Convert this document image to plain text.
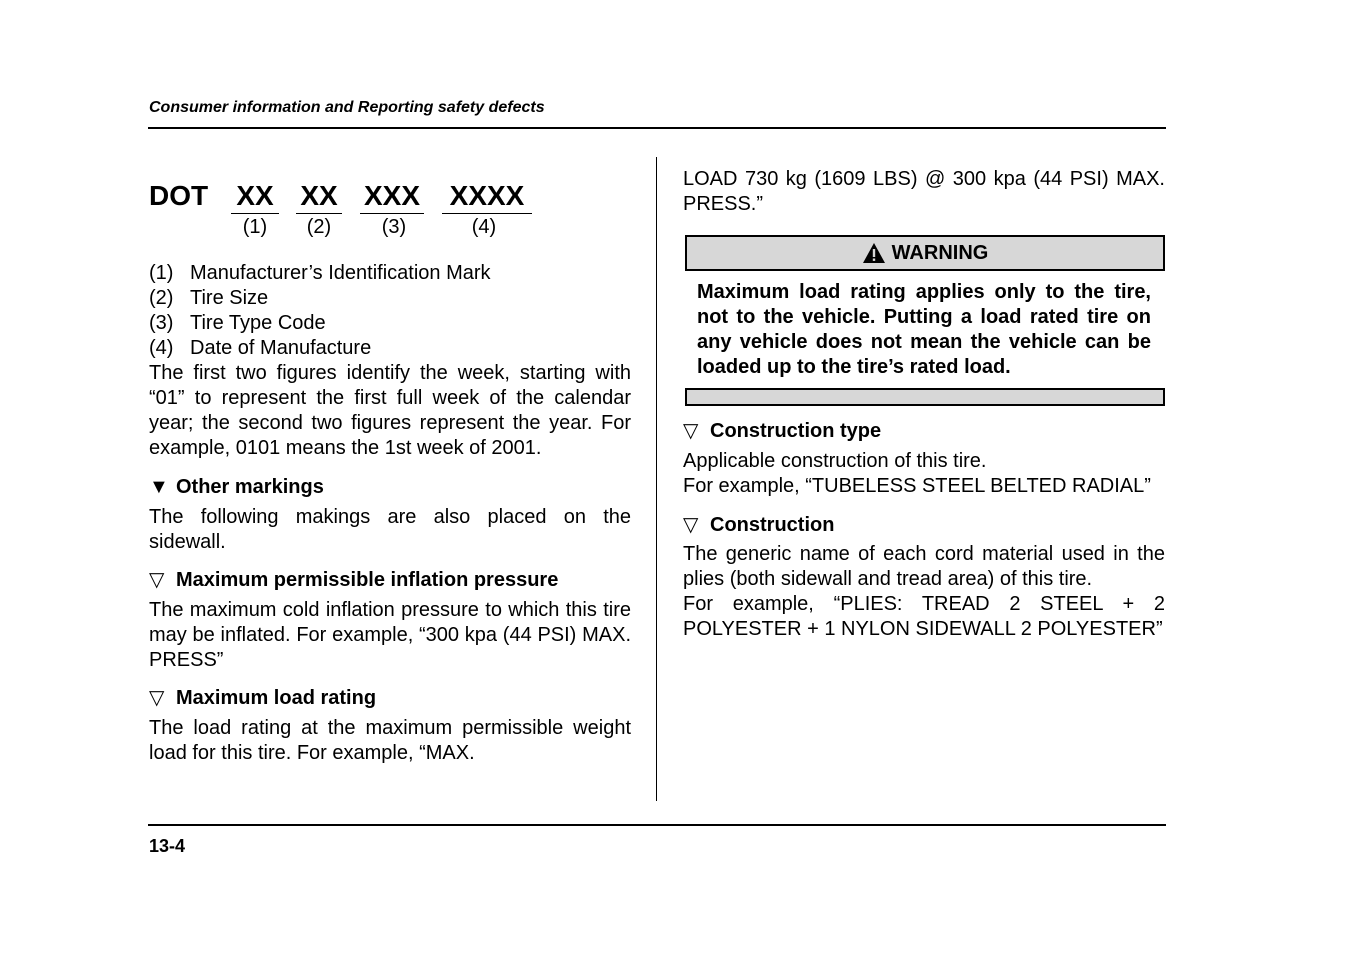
Consumer information and Reporting safety defects
DOT XX XX XXX XXXX
(1)	(2)	(3)	(4)
(1) Manufacturer’s Identification Mark
(2) Tire Size
(3) Tire Type Code
(4) Date of Manufacture

The first two figures identify the week, starting with “01” to represent the first full week of the calendar year; the second two figures represent the year. For example, 0101 means the 1st week of 2001.

▼ Other markings

The following makings are also placed on the sidewall.

▽ Maximum permissible inflation pressure

The maximum cold inflation pressure to which this tire may be inflated. For example, “300 kpa (44 PSI) MAX. PRESS”

▽ Maximum load rating

The load rating at the maximum permissible weight load for this tire. For example, “MAX.

LOAD 730 kg (1609 LBS) @ 300 kpa (44 PSI) MAX. PRESS.”

WARNING

Maximum load rating applies only to the tire, not to the vehicle. Putting a load rated tire on any vehicle does not mean the vehicle can be loaded up to the tire’s rated load.

▽ Construction type

Applicable construction of this tire.

For example, “TUBELESS STEEL BELTED RADIAL”

▽ Construction

The generic name of each cord material used in the plies (both sidewall and tread area) of this tire.

For example, “PLIES: TREAD 2 STEEL + 2 POLYESTER + 1 NYLON SIDEWALL 2 POLYESTER”

13-4
